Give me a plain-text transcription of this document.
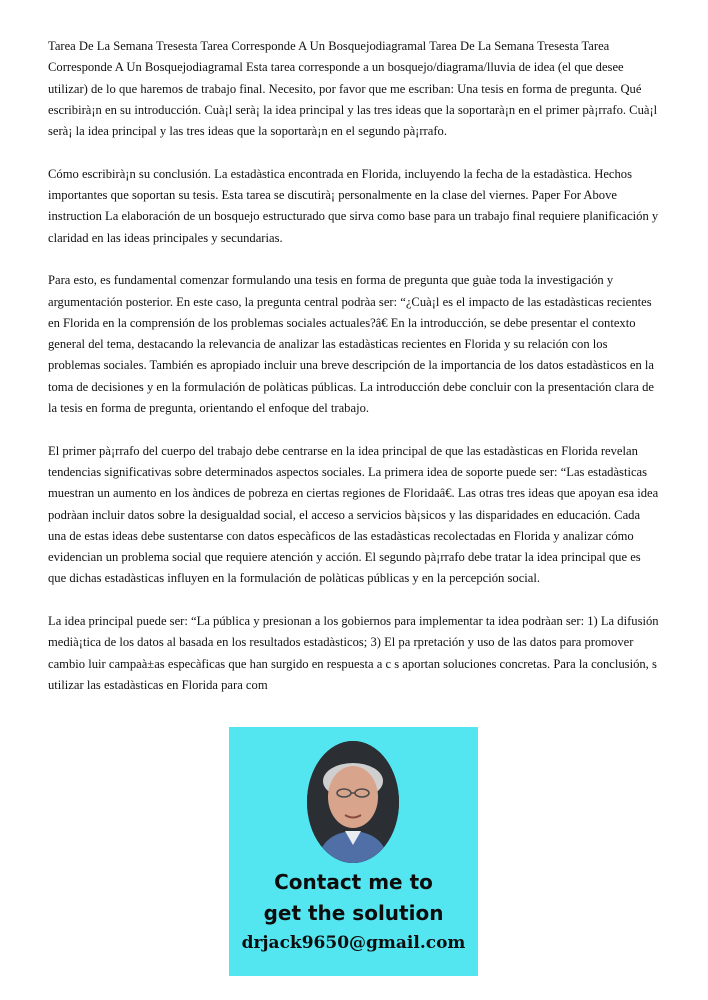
Tarea De La Semana Tresesta Tarea Corresponde A Un Bosquejodiagramal Tarea De La Semana Tresesta Tarea Corresponde A Un Bosquejodiagramal Esta tarea corresponde a un bosquejo/diagrama/lluvia de idea (el que desee utilizar) de lo que haremos de trabajo final. Necesito, por favor que me escriban: Una tesis en forma de pregunta. Qué escribirà¡n en su introducción. Cuà¡l serà¡ la idea principal y las tres ideas que la soportarà¡n en el primer pà¡rrafo. Cuà¡l serà¡ la idea principal y las tres ideas que la soportarà¡n en el segundo pà¡rrafo.

Cómo escribirà¡n su conclusión. La estadàstica encontrada en Florida, incluyendo la fecha de la estadàstica. Hechos importantes que soportan su tesis. Esta tarea se discutirà¡ personalmente en la clase del viernes. Paper For Above instruction La elaboración de un bosquejo estructurado que sirva como base para un trabajo final requiere planificación y claridad en las ideas principales y secundarias.

Para esto, es fundamental comenzar formulando una tesis en forma de pregunta que guàe toda la investigación y argumentación posterior. En este caso, la pregunta central podràa ser: “¿Cuà¡l es el impacto de las estadàsticas recientes en Florida en la comprensión de los problemas sociales actuales?â€ En la introducción, se debe presentar el contexto general del tema, destacando la relevancia de analizar las estadàsticas recientes en Florida y su relación con los problemas sociales. También es apropiado incluir una breve descripción de la importancia de los datos estadàsticos en la toma de decisiones y en la formulación de polàticas públicas. La introducción debe concluir con la presentación clara de la tesis en forma de pregunta, orientando el enfoque del trabajo.

El primer pà¡rrafo del cuerpo del trabajo debe centrarse en la idea principal de que las estadàsticas en Florida revelan tendencias significativas sobre determinados aspectos sociales. La primera idea de soporte puede ser: “Las estadàsticas muestran un aumento en los àndices de pobreza en ciertas regiones de Floridaâ€. Las otras tres ideas que apoyan esa idea podràan incluir datos sobre la desigualdad social, el acceso a servicios bà¡sicos y las disparidades en educación. Cada una de estas ideas debe sustentarse con datos especàficos de las estadàsticas recolectadas en Florida y analizar cómo evidencian un problema social que requiere atención y acción. El segundo pà¡rrafo debe tratar la idea principal que es que dichas estadàsticas influyen en la formulación de polàticas públicas y en la percepción social.

La idea principal puede ser: “La pública y presionan a los gobiernos para implementar ta idea podràan ser: 1) La difusión medià¡tica de los datos al basada en los resultados estadàsticos; 3) El pa rpretación y uso de las datos para promover cambio luir campaà±as especàficas que han surgido en respuesta a c s aportan soluciones concretas. Para la conclusión, s utilizar las estadàsticas en Florida para com

Contact me to
get the solution
drjack9650@gmail.com
